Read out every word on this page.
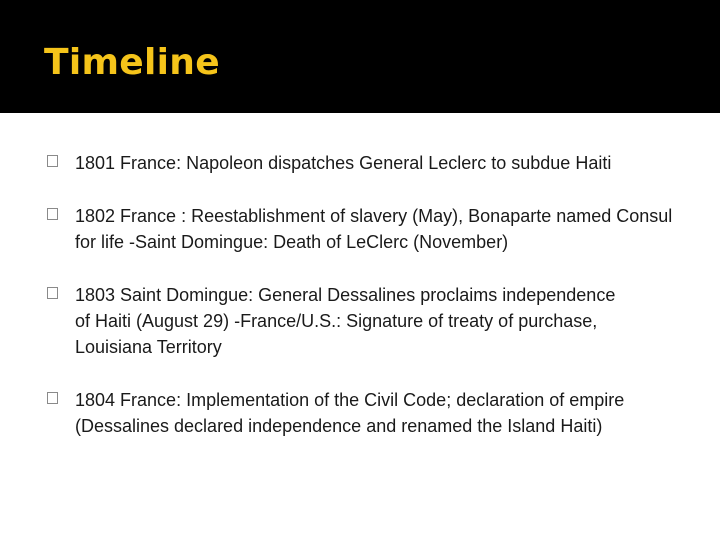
Timeline
1801 France: Napoleon dispatches General Leclerc to subdue Haiti
1802 France : Reestablishment of slavery (May), Bonaparte named Consul for life -Saint Domingue: Death of LeClerc (November)
1803 Saint Domingue: General Dessalines proclaims independence of Haiti (August 29) -France/U.S.: Signature of treaty of purchase, Louisiana Territory
1804 France: Implementation of the Civil Code; declaration of empire (Dessalines declared independence and renamed the Island Haiti)
